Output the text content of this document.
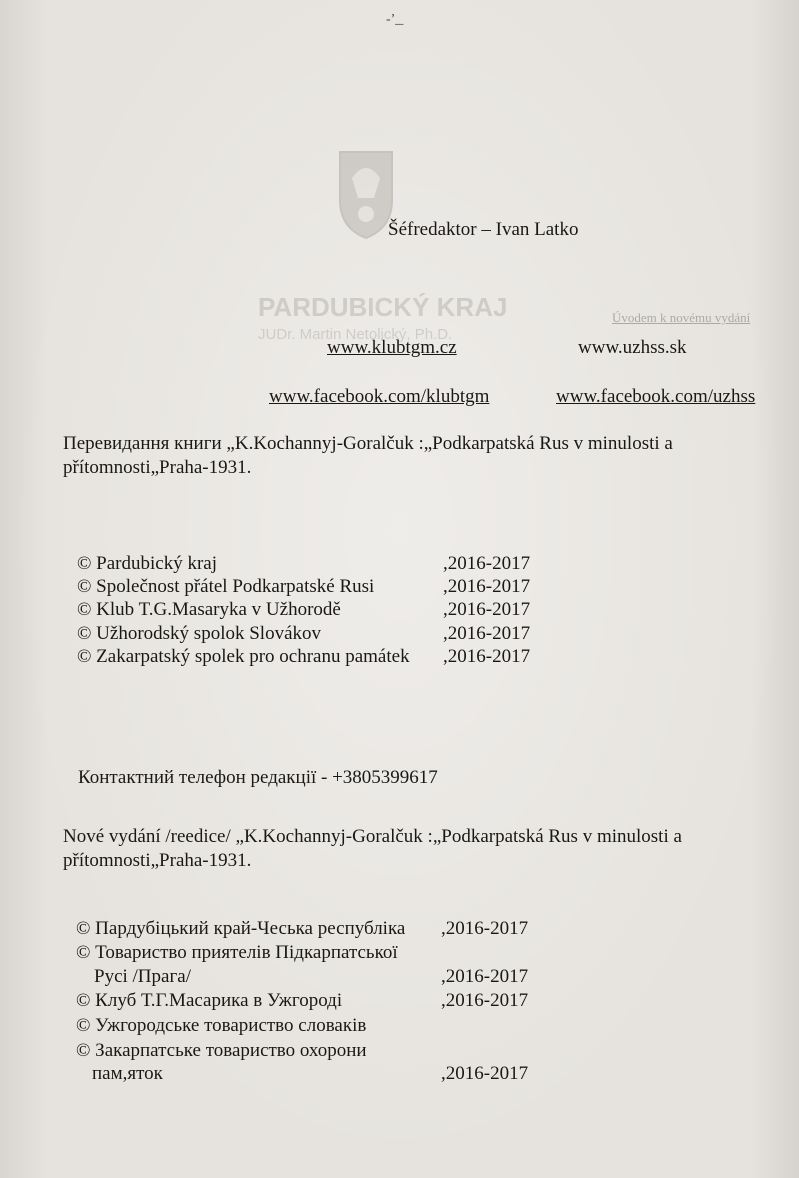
PARDUBICKÝ KRAJ
JUDr. Martin Netolický, Ph.D.
Úvodem k novému vydání
-ʼ͟
Šéfredaktor – Ivan Latko
www.klubtgm.cz	www.uzhss.sk
www.facebook.com/klubtgm	www.facebook.com/uzhss
Перевидання книги „K.Kochannyj-Goralčuk :„Podkarpatská Rus v minulosti a
přítomnosti„Praha-1931.
© Pardubický kraj	,2016-2017
© Společnost přátel Podkarpatské Rusi	,2016-2017
© Klub T.G.Masaryka v Užhorodě	,2016-2017
© Užhorodský spolok Slovákov	,2016-2017
© Zakarpatský spolek pro ochranu památek ,2016-2017
Контактний телефон редакції - +3805399617
Nové vydání /reedice/ „K.Kochannyj-Goralčuk :„Podkarpatská Rus v minulosti a
přítomnosti„Praha-1931.
© Пардубіцький край-Чеська республіка ,2016-2017
© Товариство приятелів Підкарпатської
Русі /Прага/	,2016-2017
© Клуб Т.Г.Масарика в Ужгороді	,2016-2017
© Ужгородське товариство словаків
© Закарпатське товариство охорони
пам,яток	,2016-2017
